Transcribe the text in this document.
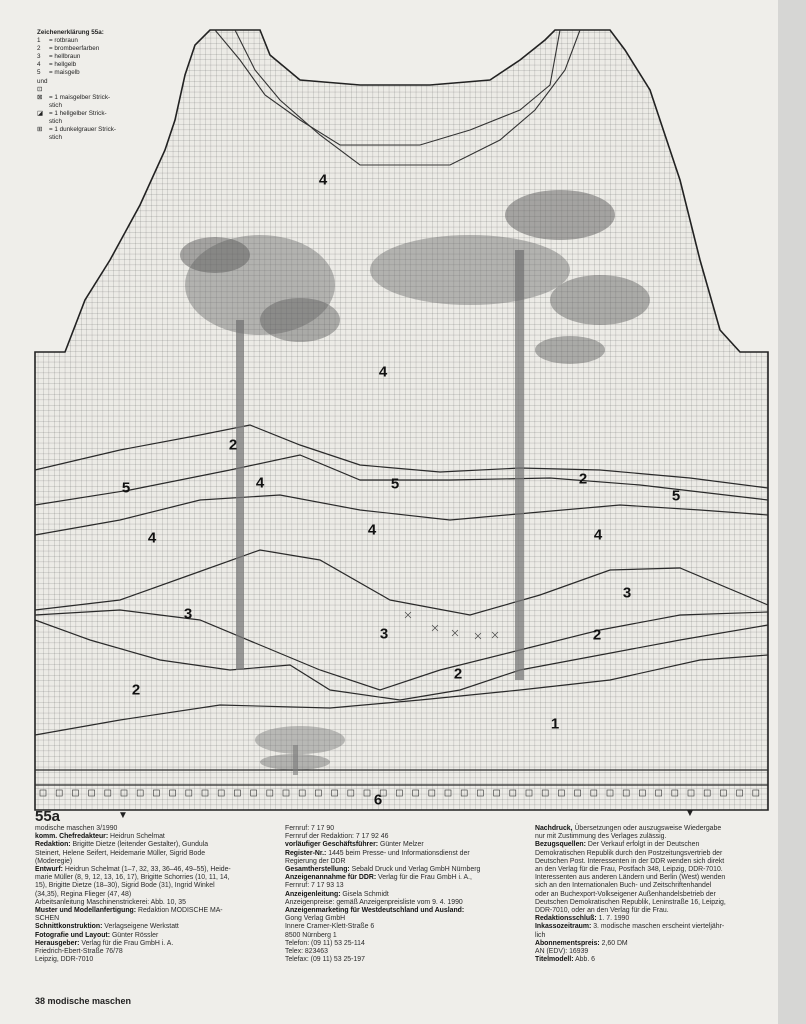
Zeichenerklärung 55a:
1	= rotbraun
2	= brombeerfarben
3	= hellbraun
4	= hellgelb
5 und ⊡
= maisgelb
⊠	= 1 maisgelber Strick-
stich
◪ = 1 hellgelber Strick-
stich
⊞	= 1 dunkelgrauer Strick-
stich
4
4
2
4
5	5	2
5
4	4	4
3
3
3	2
2
2
1
6
55a	▼	▼
modische maschen 3/1990
komm. Chefredakteur: Heidrun Schelmat
Redaktion: Brigitte Dietze (leitender Gestalter), Gundula
Steinert, Helene Seifert, Heidemarie Müller, Sigrid Bode
(Moderegie)
Entwurf: Heidrun Schelmat (1–7, 32, 33, 36–46, 49–55), Heide-
marie Müller (8, 9, 12, 13, 16, 17), Brigitte Schorries (10, 11, 14,
15), Brigitte Dietze (18–30), Sigrid Bode (31), Ingrid Winkel
(34,35), Regina Flieger (47, 48)
Arbeitsanleitung Maschinenstrickerei: Abb. 10, 35
Muster und Modellanfertigung: Redaktion MODISCHE MA-
SCHEN
Schnittkonstruktion: Verlagseigene Werkstatt
Fotografie und Layout: Günter Rössler
Herausgeber: Verlag für die Frau GmbH i. A.
Friedrich-Ebert-Straße 76/78
Leipzig, DDR-7010
Fernruf: 7 17 90
Fernruf der Redaktion: 7 17 92 46
vorläufiger Geschäftsführer: Günter Melzer
Register-Nr.: 1445 beim Presse- und Informationsdienst der
Regierung der DDR
Gesamtherstellung: Sebald Druck und Verlag GmbH Nürnberg
Anzeigenannahme für DDR: Verlag für die Frau GmbH i. A.,
Fernruf: 7 17 93 13
Anzeigenleitung: Gisela Schmidt
Anzeigenpreise: gemäß Anzeigenpreisliste vom 9. 4. 1990
Anzeigenmarketing für Westdeutschland und Ausland:
Gong Verlag GmbH
Innere Cramer-Klett-Straße 6
8500 Nürnberg 1
Telefon: (09 11) 53 25-114
Telex: 823463
Telefax: (09 11) 53 25-197
Nachdruck, Übersetzungen oder auszugsweise Wiedergabe
nur mit Zustimmung des Verlages zulässig.
Bezugsquellen: Der Verkauf erfolgt in der Deutschen
Demokratischen Republik durch den Postzeitungsvertrieb der
Deutschen Post. Interessenten in der DDR wenden sich direkt
an den Verlag für die Frau, Postfach 348, Leipzig, DDR-7010.
Interessenten aus anderen Ländern und Berlin (West) wenden
sich an den Internationalen Buch- und Zeitschriftenhandel
oder an Buchexport-Volkseigener Außenhandelsbetrieb der
Deutschen Demokratischen Republik, Leninstraße 16, Leipzig,
DDR-7010, oder an den Verlag für die Frau.
Redaktionsschluß: 1. 7. 1990
Inkassozeitraum: 3. modische maschen erscheint vierteljähr-
lich
Abonnementspreis: 2,60 DM
AN (EDV): 16939
Titelmodell: Abb. 6
38 modische maschen
